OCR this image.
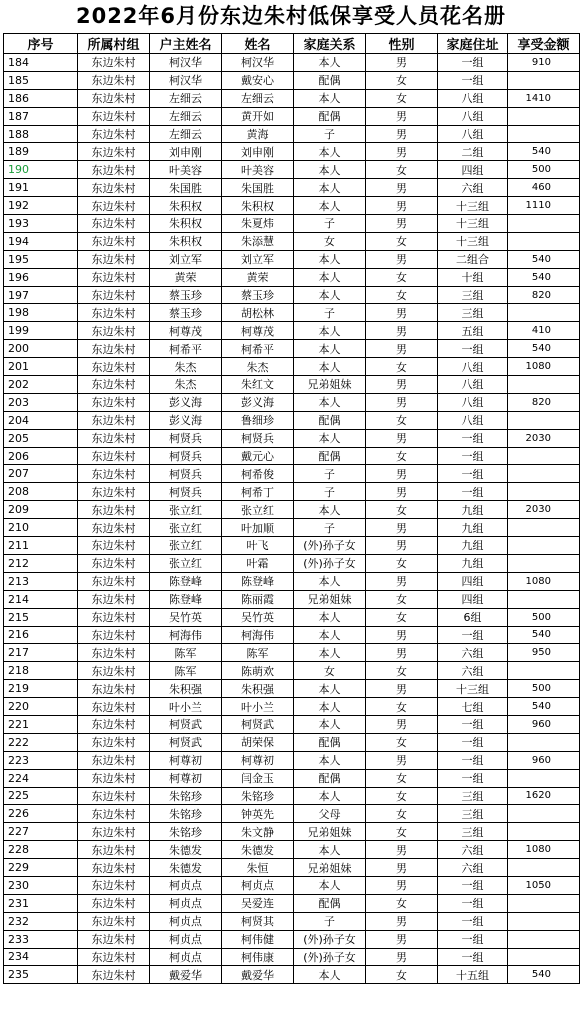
2022年6月份东边朱村低保享受人员花名册
序号	所属村组	户主姓名	姓名	家庭关系	性别	家庭住址	享受金额
184	东边朱村	柯汉华	柯汉华	本人	男	一组	910
185	东边朱村	柯汉华	戴安心	配偶	女	一组	
186	东边朱村	左细云	左细云	本人	女	八组	1410
187	东边朱村	左细云	黄开如	配偶	男	八组	
188	东边朱村	左细云	黄海	子	男	八组	
189	东边朱村	刘申刚	刘申刚	本人	男	二组	540
190	东边朱村	叶美容	叶美容	本人	女	四组	500
191	东边朱村	朱国胜	朱国胜	本人	男	六组	460
192	东边朱村	朱积权	朱积权	本人	男	十三组	1110
193	东边朱村	朱积权	朱夏炜	子	男	十三组	
194	东边朱村	朱积权	朱添慧	女	女	十三组	
195	东边朱村	刘立军	刘立军	本人	男	二组合	540
196	东边朱村	黄荣	黄荣	本人	女	十组	540
197	东边朱村	蔡玉珍	蔡玉珍	本人	女	三组	820
198	东边朱村	蔡玉珍	胡松林	子	男	三组	
199	东边朱村	柯尊茂	柯尊茂	本人	男	五组	410
200	东边朱村	柯希平	柯希平	本人	男	一组	540
201	东边朱村	朱杰	朱杰	本人	女	八组	1080
202	东边朱村	朱杰	朱红文	兄弟姐妹	男	八组	
203	东边朱村	彭义海	彭义海	本人	男	八组	820
204	东边朱村	彭义海	鲁细珍	配偶	女	八组	
205	东边朱村	柯贤兵	柯贤兵	本人	男	一组	2030
206	东边朱村	柯贤兵	戴元心	配偶	女	一组	
207	东边朱村	柯贤兵	柯希俊	子	男	一组	
208	东边朱村	柯贤兵	柯希丁	子	男	一组	
209	东边朱村	张立红	张立红	本人	女	九组	2030
210	东边朱村	张立红	叶加顺	子	男	九组	
211	东边朱村	张立红	叶飞	(外)孙子女	男	九组	
212	东边朱村	张立红	叶霜	(外)孙子女	女	九组	
213	东边朱村	陈登峰	陈登峰	本人	男	四组	1080
214	东边朱村	陈登峰	陈丽霞	兄弟姐妹	女	四组	
215	东边朱村	吴竹英	吴竹英	本人	女	6组	500
216	东边朱村	柯海伟	柯海伟	本人	男	一组	540
217	东边朱村	陈军	陈军	本人	男	六组	950
218	东边朱村	陈军	陈萌欢	女	女	六组	
219	东边朱村	朱积强	朱积强	本人	男	十三组	500
220	东边朱村	叶小兰	叶小兰	本人	女	七组	540
221	东边朱村	柯贤武	柯贤武	本人	男	一组	960
222	东边朱村	柯贤武	胡荣保	配偶	女	一组	
223	东边朱村	柯尊初	柯尊初	本人	男	一组	960
224	东边朱村	柯尊初	闫金玉	配偶	女	一组	
225	东边朱村	朱铭珍	朱铭珍	本人	女	三组	1620
226	东边朱村	朱铭珍	钟英先	父母	女	三组	
227	东边朱村	朱铭珍	朱文静	兄弟姐妹	女	三组	
228	东边朱村	朱德发	朱德发	本人	男	六组	1080
229	东边朱村	朱德发	朱恒	兄弟姐妹	男	六组	
230	东边朱村	柯贞点	柯贞点	本人	男	一组	1050
231	东边朱村	柯贞点	吴爱连	配偶	女	一组	
232	东边朱村	柯贞点	柯贤其	子	男	一组	
233	东边朱村	柯贞点	柯伟健	(外)孙子女	男	一组	
234	东边朱村	柯贞点	柯伟康	(外)孙子女	男	一组	
235	东边朱村	戴爱华	戴爱华	本人	女	十五组	540
